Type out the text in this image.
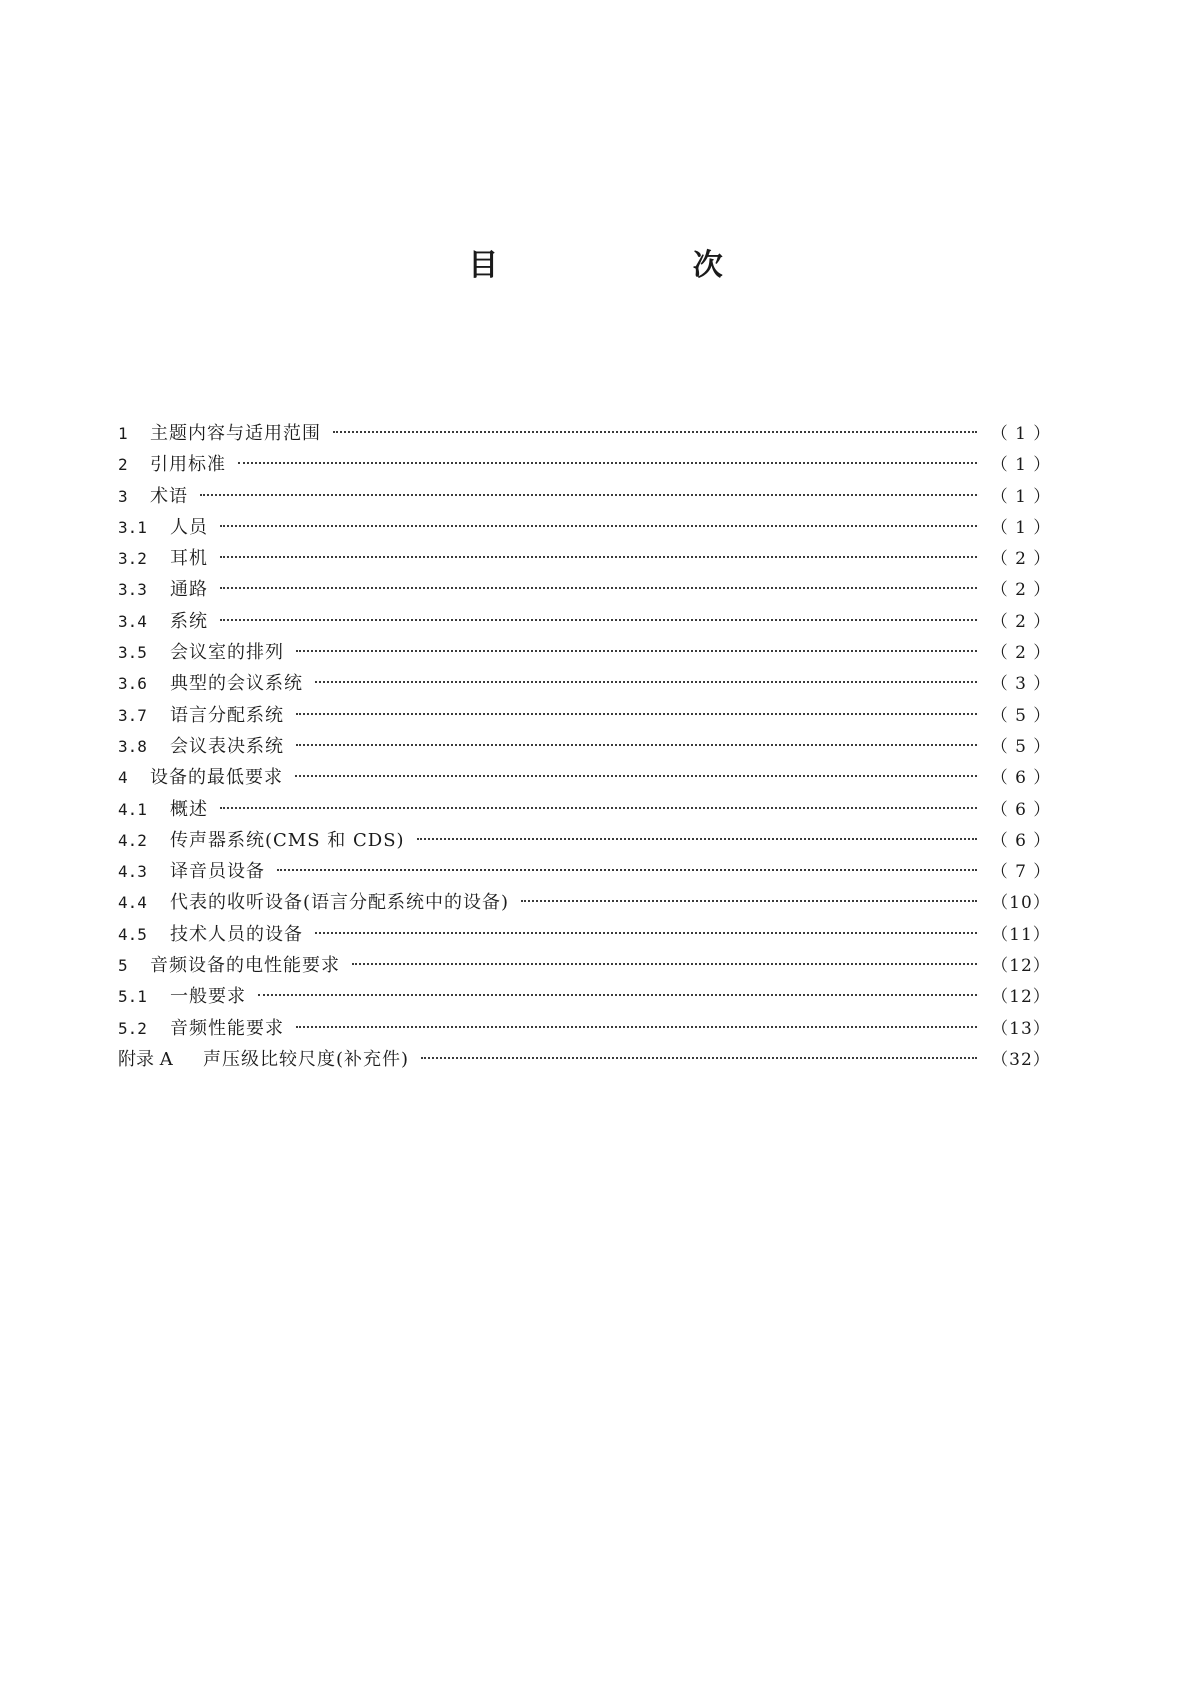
目 次
1	主题内容与适用范围	（ 1 ）
2	引用标准	（ 1 ）
3	术语	（ 1 ）
3.1	人员	（ 1 ）
3.2	耳机	（ 2 ）
3.3	通路	（ 2 ）
3.4	系统	（ 2 ）
3.5	会议室的排列	（ 2 ）
3.6	典型的会议系统	（ 3 ）
3.7	语言分配系统	（ 5 ）
3.8	会议表决系统	（ 5 ）
4	设备的最低要求	（ 6 ）
4.1	概述	（ 6 ）
4.2	传声器系统(CMS 和 CDS)	（ 6 ）
4.3	译音员设备	（ 7 ）
4.4	代表的收听设备(语言分配系统中的设备)	（10）
4.5	技术人员的设备	（11）
5	音频设备的电性能要求	（12）
5.1	一般要求	（12）
5.2	音频性能要求	（13）
附录 A	声压级比较尺度(补充件)	（32）
